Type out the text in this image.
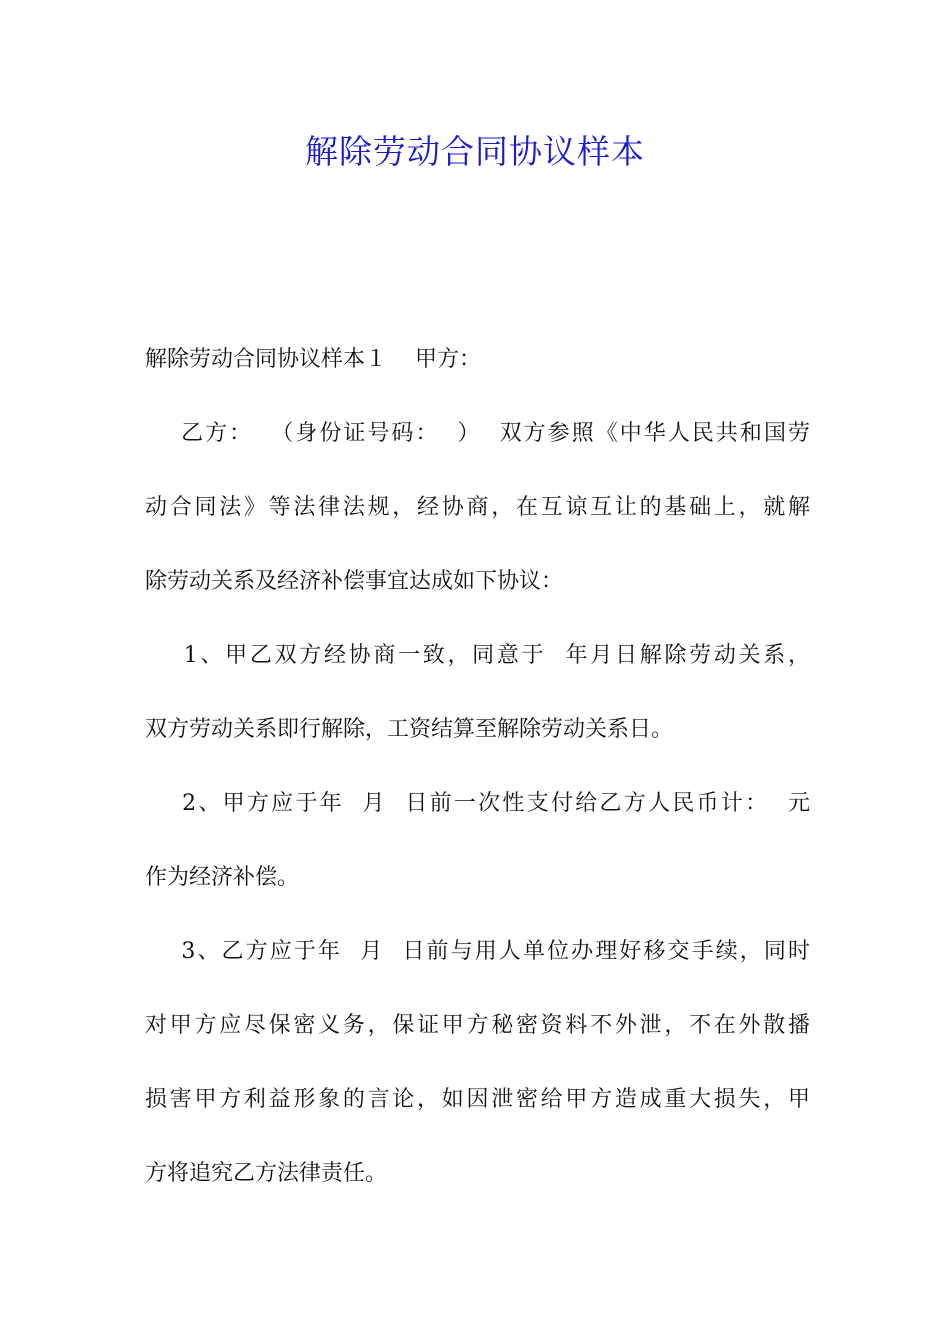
解除劳动合同协议样本
解除劳动合同协议样本１    甲方：
乙方：  （身份证号码：  ）  双方参照《中华人民共和国劳
动合同法》等法律法规，经协商，在互谅互让的基础上，就解
除劳动关系及经济补偿事宜达成如下协议：
1、甲乙双方经协商一致，同意于  年月日解除劳动关系，
双方劳动关系即行解除，工资结算至解除劳动关系日。
2、甲方应于年  月  日前一次性支付给乙方人民币计：  元
作为经济补偿。
3、乙方应于年  月  日前与用人单位办理好移交手续，同时
对甲方应尽保密义务，保证甲方秘密资料不外泄，不在外散播
损害甲方利益形象的言论，如因泄密给甲方造成重大损失，甲
方将追究乙方法律责任。
